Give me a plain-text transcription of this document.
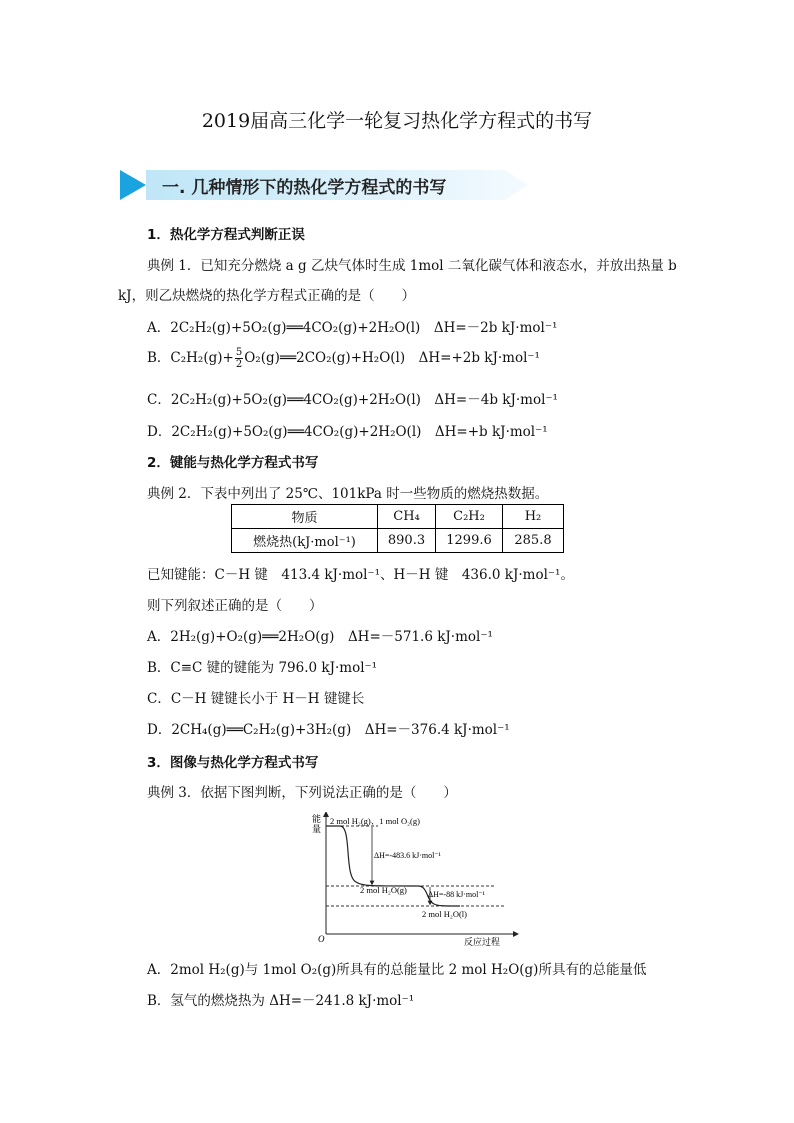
2019届高三化学一轮复习热化学方程式的书写
一. 几种情形下的热化学方程式的书写
1．热化学方程式判断正误
典例 1．已知充分燃烧 a g 乙炔气体时生成 1mol 二氧化碳气体和液态水，并放出热量 b
kJ，则乙炔燃烧的热化学方程式正确的是（　　）
A．2C₂H₂(g)+5O₂(g)══4CO₂(g)+2H₂O(l)　ΔH=－2b kJ·mol⁻¹
B．$C_2H_2(g)+ \frac{5}{2}$ O₂(g)══2CO₂(g)+H₂O(l)　ΔH=+2b kJ·mol⁻¹
C．2C₂H₂(g)+5O₂(g)══4CO₂(g)+2H₂O(l)　ΔH=－4b kJ·mol⁻¹
D．2C₂H₂(g)+5O₂(g)══4CO₂(g)+2H₂O(l)　ΔH=+b kJ·mol⁻¹
2．键能与热化学方程式书写
典例 2．下表中列出了 25℃、101kPa 时一些物质的燃烧热数据。
物质	CH₄	C₂H₂	H₂
燃烧热(kJ·mol⁻¹)	890.3	1299.6	285.8
已知键能：C－H 键　413.4 kJ·mol⁻¹、H－H 键　436.0 kJ·mol⁻¹。
则下列叙述正确的是（　　）
A．2H₂(g)+O₂(g)══2H₂O(g)　ΔH=－571.6 kJ·mol⁻¹
B．C≡C 键的键能为 796.0 kJ·mol⁻¹
C．C－H 键键长小于 H－H 键键长
D．2CH₄(g)══C₂H₂(g)+3H₂(g)　ΔH=－376.4 kJ·mol⁻¹
3．图像与热化学方程式书写
典例 3．依据下图判断，下列说法正确的是（　　）
能量
2 mol H₂(g)、1 mol O₂(g)
ΔH=-483.6 kJ·mol⁻¹
2 mol H₂O(g)	ΔH=-88 kJ·mol⁻¹
2 mol H₂O(l)
O	反应过程
A．2mol H₂(g)与 1mol O₂(g)所具有的总能量比 2 mol H₂O(g)所具有的总能量低
B．氢气的燃烧热为 ΔH=－241.8 kJ·mol⁻¹
